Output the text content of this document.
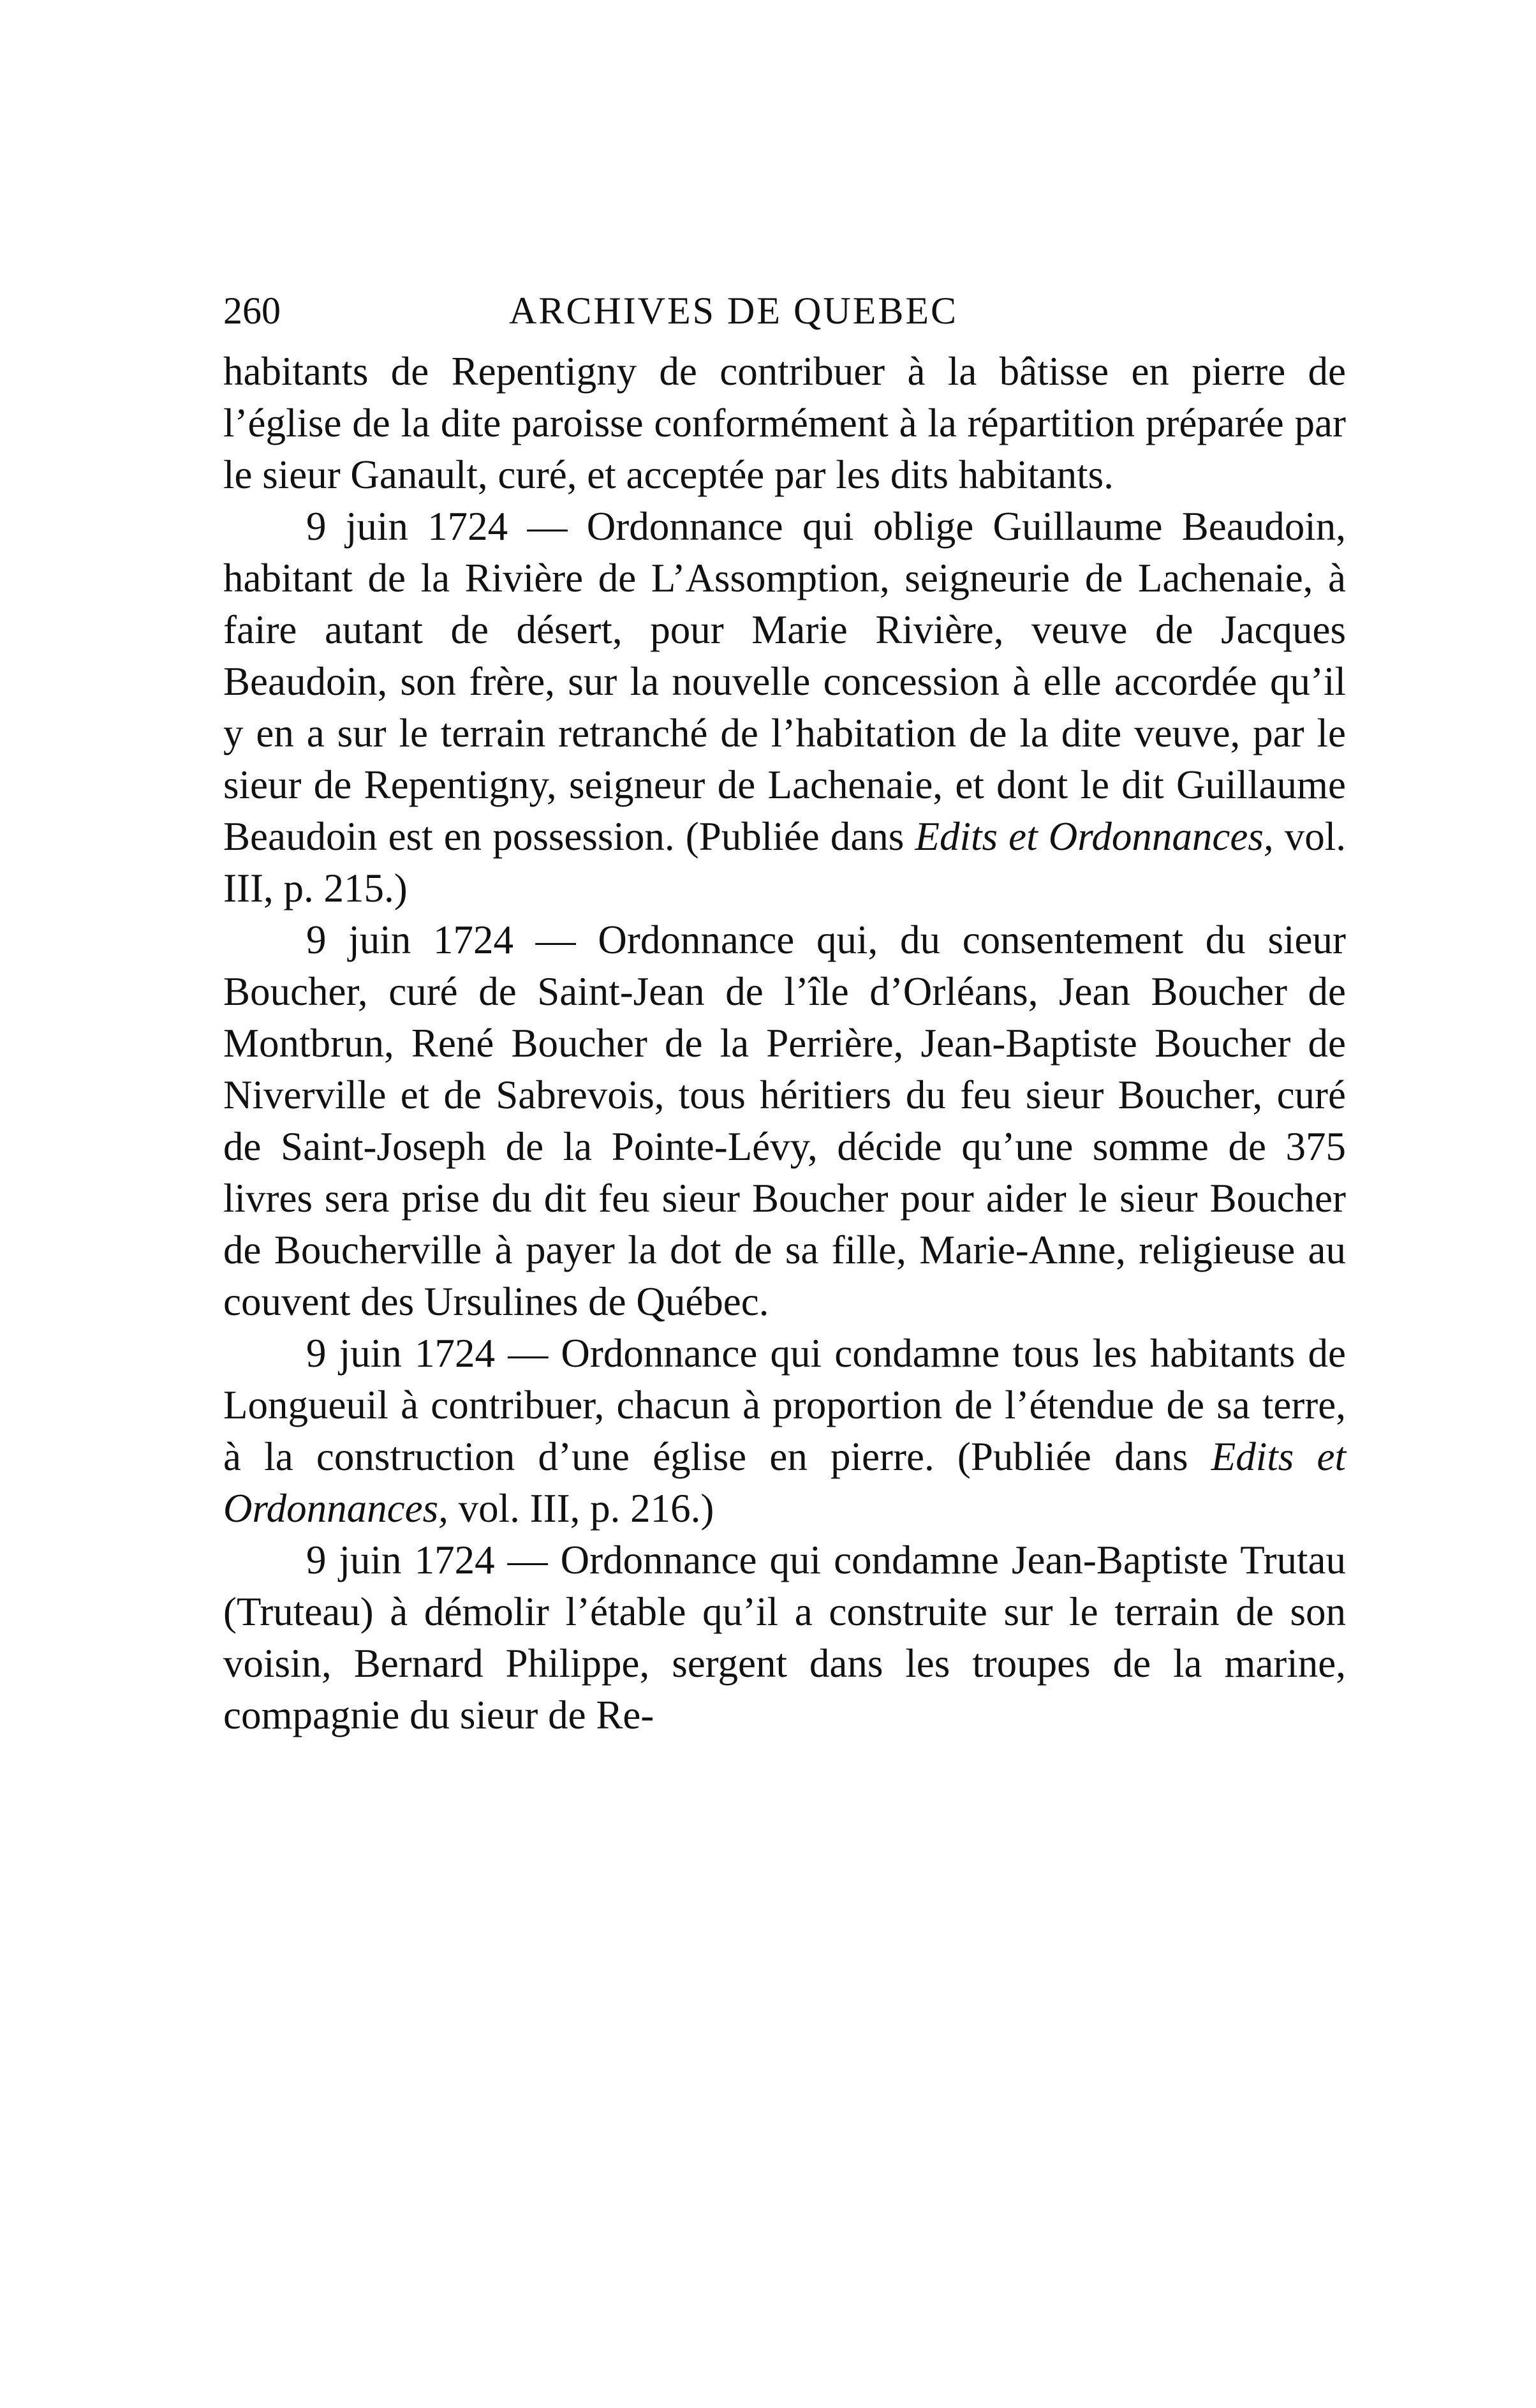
260	ARCHIVES DE QUEBEC

habitants de Repentigny de contribuer à la bâtisse en pierre de l’église de la dite paroisse conformément à la répartition préparée par le sieur Ganault, curé, et acceptée par les dits habitants.

9 juin 1724 — Ordonnance qui oblige Guillaume Beaudoin, habitant de la Rivière de L’Assomption, seigneurie de Lachenaie, à faire autant de désert, pour Marie Rivière, veuve de Jacques Beaudoin, son frère, sur la nouvelle concession à elle accordée qu’il y en a sur le terrain retranché de l’habitation de la dite veuve, par le sieur de Repentigny, seigneur de Lachenaie, et dont le dit Guillaume Beaudoin est en possession. (Publiée dans Edits et Ordonnances, vol. III, p. 215.)

9 juin 1724 — Ordonnance qui, du consentement du sieur Boucher, curé de Saint-Jean de l’île d’Orléans, Jean Boucher de Montbrun, René Boucher de la Perrière, Jean-Baptiste Boucher de Niverville et de Sabrevois, tous héritiers du feu sieur Boucher, curé de Saint-Joseph de la Pointe-Lévy, décide qu’une somme de 375 livres sera prise du dit feu sieur Boucher pour aider le sieur Boucher de Boucherville à payer la dot de sa fille, Marie-Anne, religieuse au couvent des Ursulines de Québec.

9 juin 1724 — Ordonnance qui condamne tous les habitants de Longueuil à contribuer, chacun à proportion de l’étendue de sa terre, à la construction d’une église en pierre. (Publiée dans Edits et Ordonnances, vol. III, p. 216.)

9 juin 1724 — Ordonnance qui condamne Jean-Baptiste Trutau (Truteau) à démolir l’étable qu’il a construite sur le terrain de son voisin, Bernard Philippe, sergent dans les troupes de la marine, compagnie du sieur de Re-
